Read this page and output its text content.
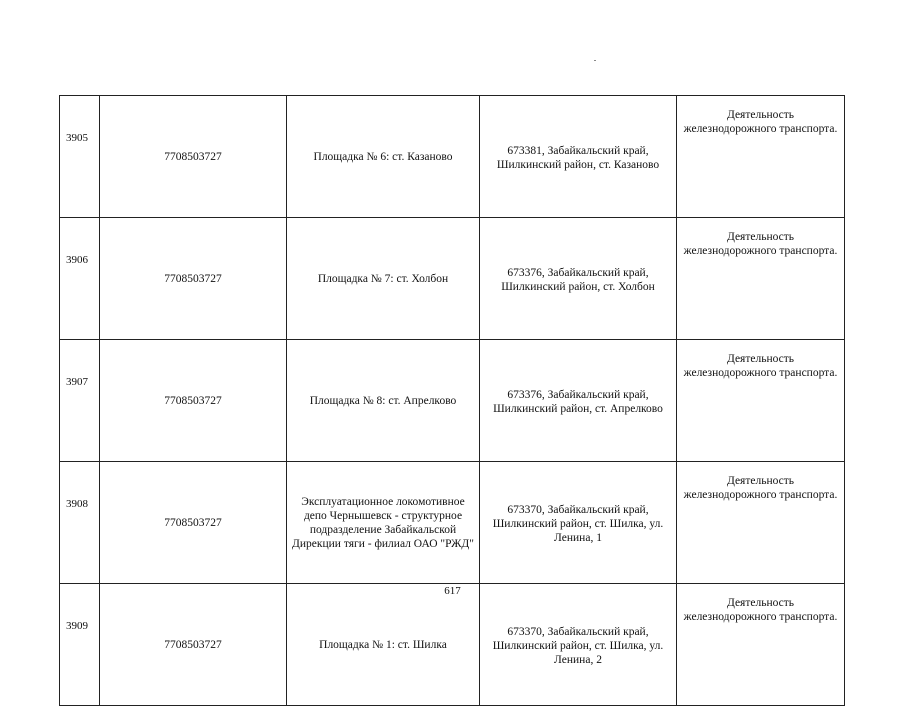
3905	7708503727	Площадка № 6: ст. Казаново	673381, Забайкальский край, Шилкинский район, ст. Казаново	Деятельность железнодорожного транспорта.
3906	7708503727	Площадка № 7: ст. Холбон	673376, Забайкальский край, Шилкинский район, ст. Холбон	Деятельность железнодорожного транспорта.
3907	7708503727	Площадка № 8: ст. Апрелково	673376, Забайкальский край, Шилкинский район, ст. Апрелково	Деятельность железнодорожного транспорта.
3908	7708503727	Эксплуатационное локомотивное депо Чернышевск - структурное подразделение Забайкальской Дирекции тяги - филиал ОАО "РЖД"	673370, Забайкальский край, Шилкинский район, ст. Шилка, ул. Ленина, 1	Деятельность железнодорожного транспорта.
3909	7708503727	Площадка № 1: ст. Шилка	673370, Забайкальский край, Шилкинский район, ст. Шилка, ул. Ленина, 2	Деятельность железнодорожного транспорта.
617
